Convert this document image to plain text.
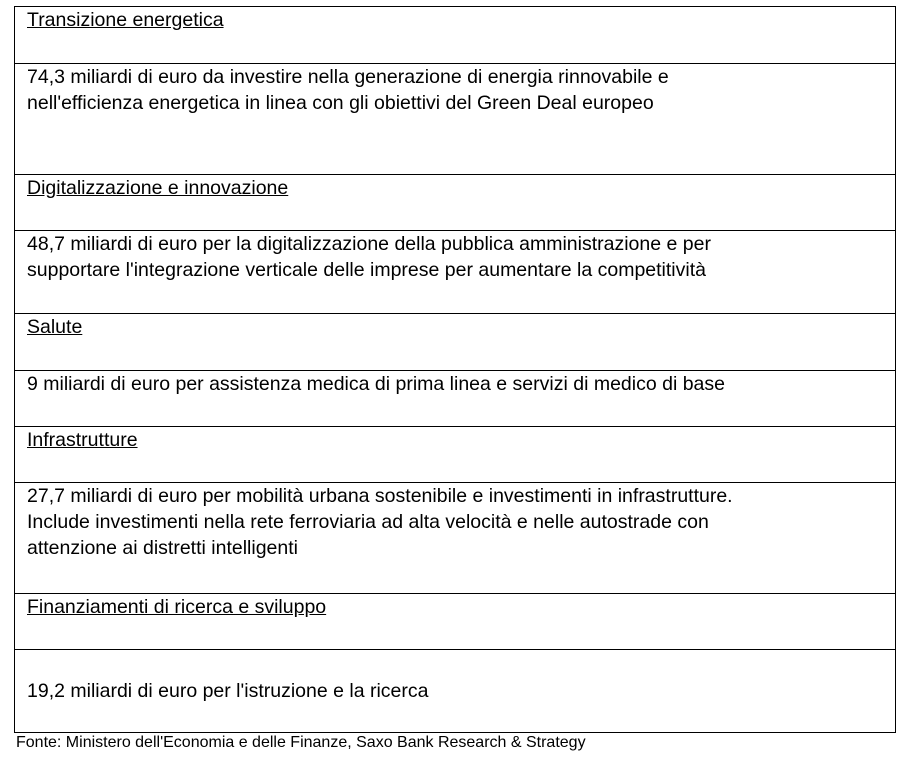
Transizione energetica
74,3 miliardi di euro da investire nella generazione di energia rinnovabile e
nell'efficienza energetica in linea con gli obiettivi del Green Deal europeo
Digitalizzazione e innovazione
48,7 miliardi di euro per la digitalizzazione della pubblica amministrazione e per
supportare l'integrazione verticale delle imprese per aumentare la competitività
Salute
9 miliardi di euro per assistenza medica di prima linea e servizi di medico di base
Infrastrutture
27,7 miliardi di euro per mobilità urbana sostenibile e investimenti in infrastrutture.
Include investimenti nella rete ferroviaria ad alta velocità e nelle autostrade con
attenzione ai distretti intelligenti
Finanziamenti di ricerca e sviluppo
19,2 miliardi di euro per l'istruzione e la ricerca
Fonte: Ministero dell'Economia e delle Finanze, Saxo Bank Research & Strategy
